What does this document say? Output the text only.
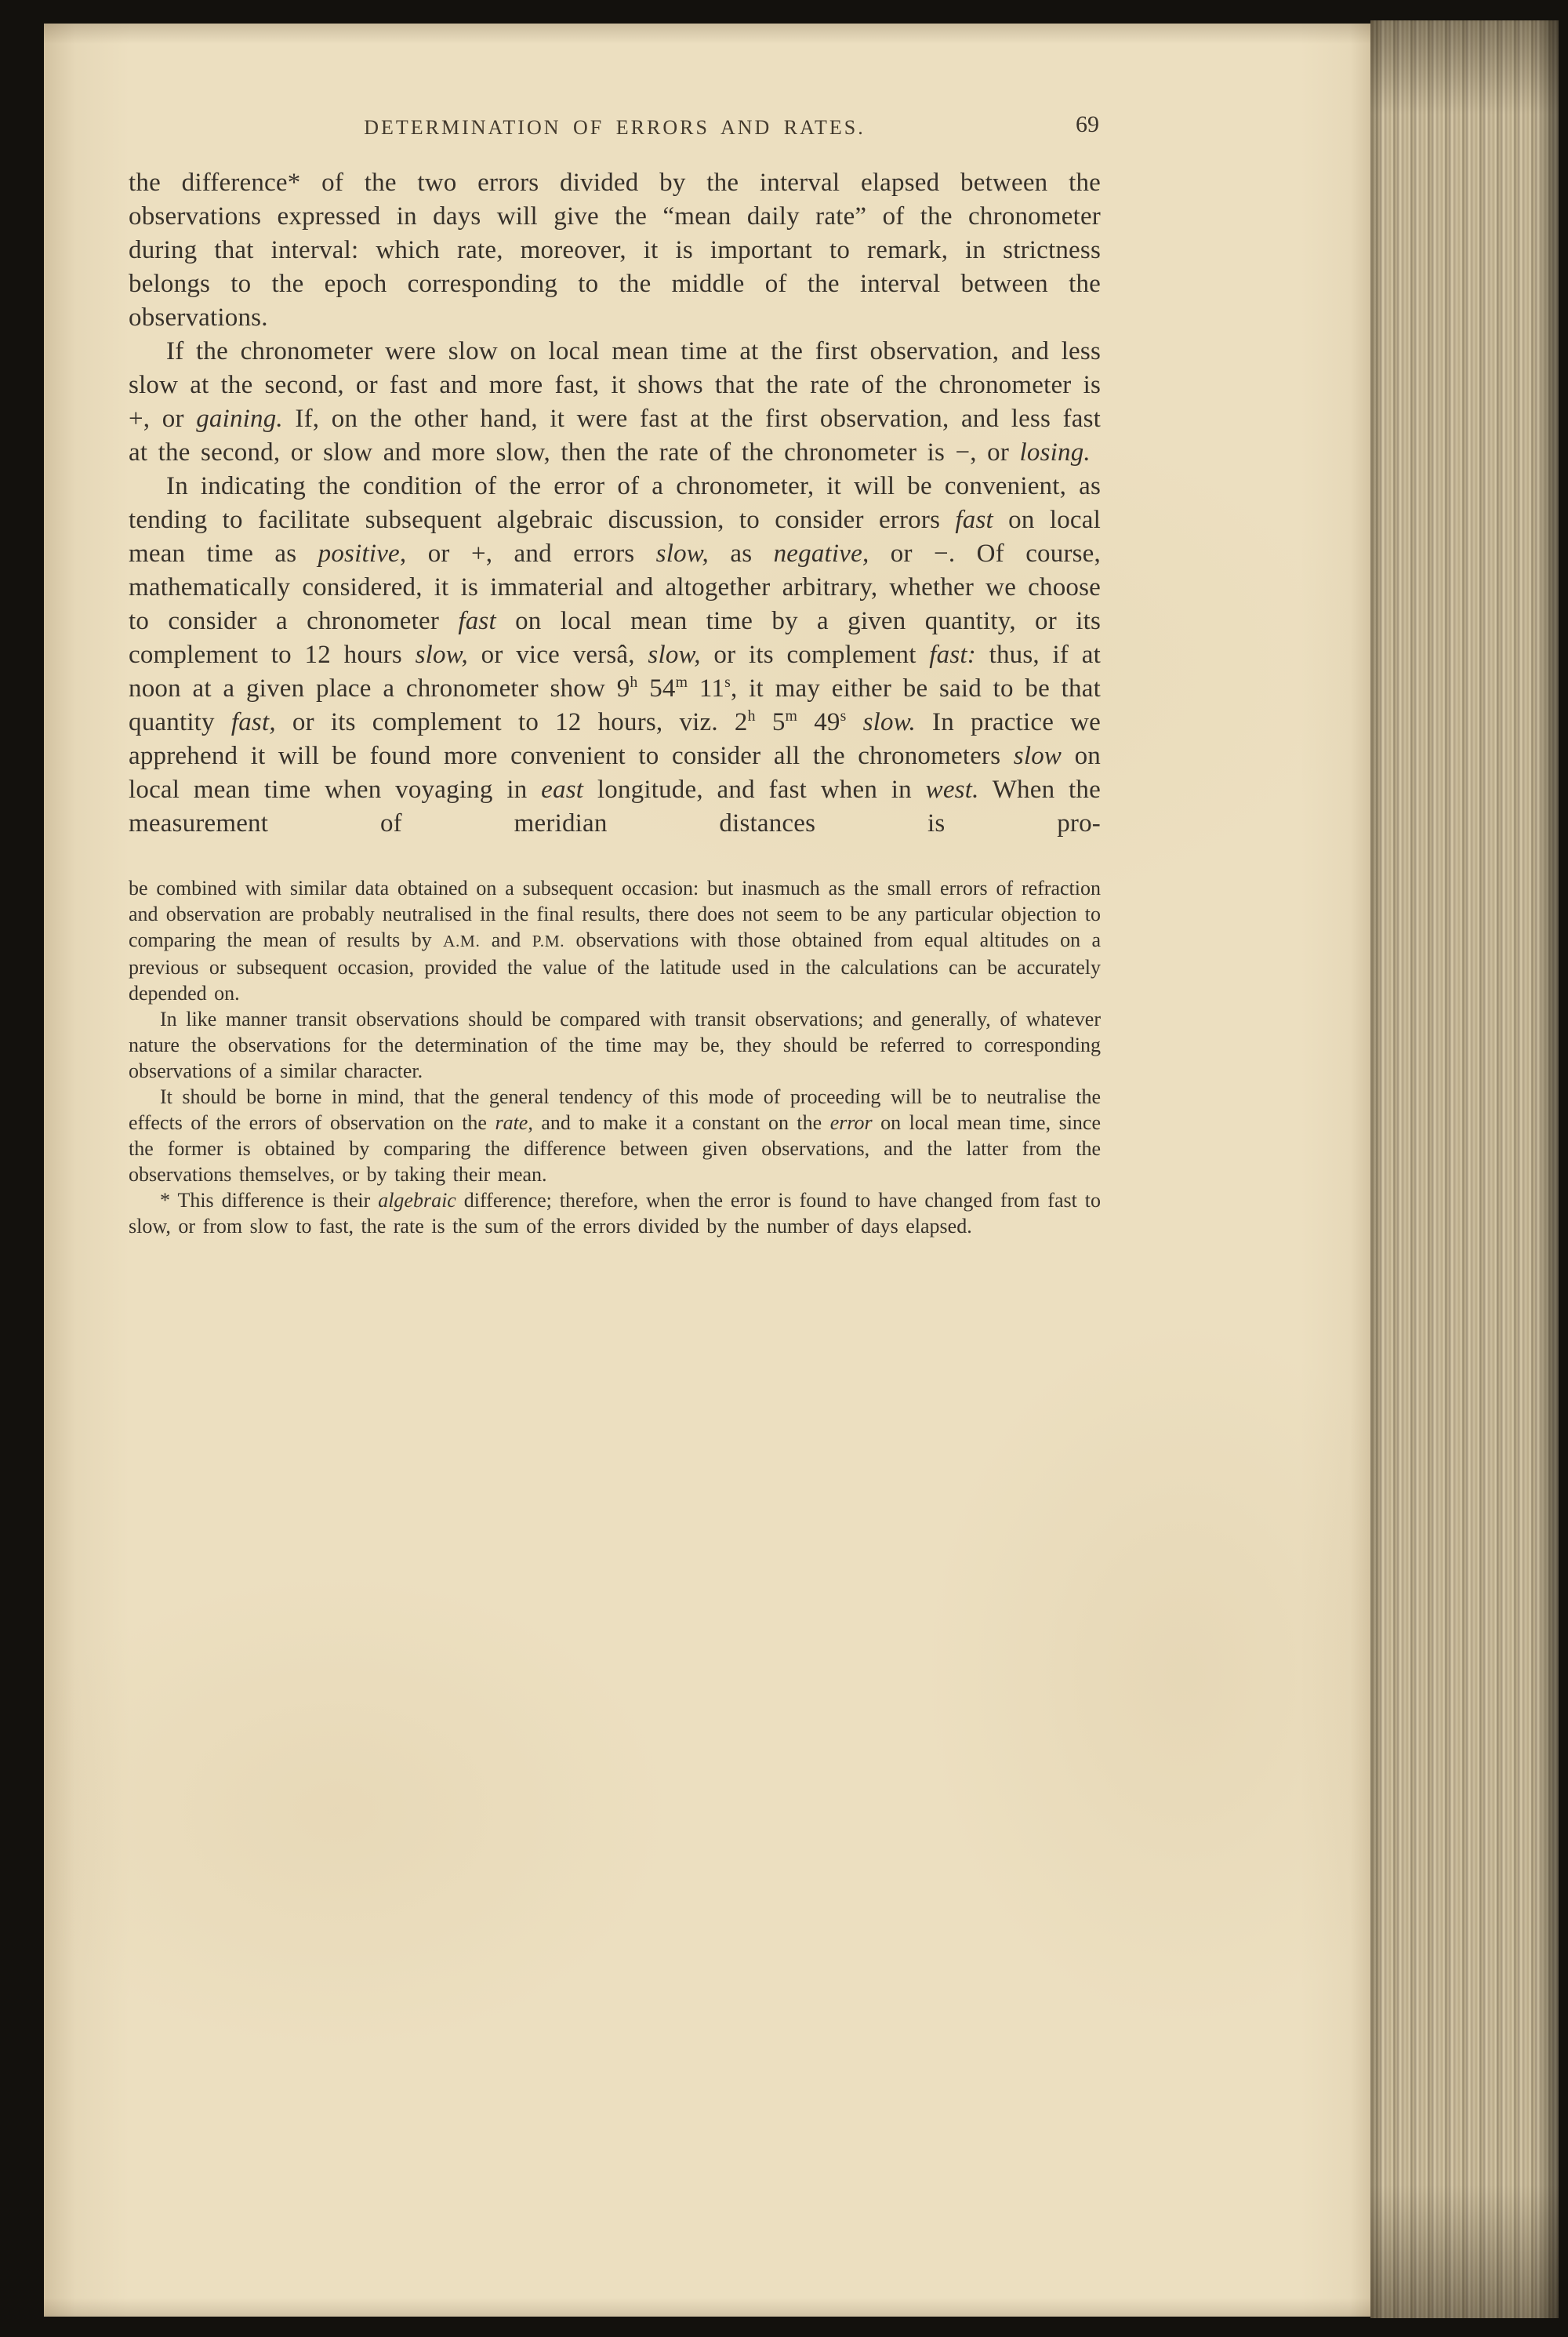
DETERMINATION OF ERRORS AND RATES.	69

the difference* of the two errors divided by the interval elapsed between the observations expressed in days will give the “mean daily rate” of the chronometer during that interval: which rate, moreover, it is important to remark, in strictness belongs to the epoch corresponding to the middle of the interval between the observations.

If the chronometer were slow on local mean time at the first observation, and less slow at the second, or fast and more fast, it shows that the rate of the chronometer is +, or gaining. If, on the other hand, it were fast at the first observation, and less fast at the second, or slow and more slow, then the rate of the chronometer is −, or losing.

In indicating the condition of the error of a chronometer, it will be convenient, as tending to facilitate subsequent algebraic discussion, to consider errors fast on local mean time as positive, or +, and errors slow, as negative, or −. Of course, mathematically considered, it is immaterial and altogether arbitrary, whether we choose to consider a chronometer fast on local mean time by a given quantity, or its complement to 12 hours slow, or vice versâ, slow, or its complement fast: thus, if at noon at a given place a chronometer show 9$^h$ 54$^m$ 11$^s$, it may either be said to be that quantity fast, or its complement to 12 hours, viz. 2$^h$ 5$^m$ 49$^s$ slow. In practice we apprehend it will be found more convenient to consider all the chronometers slow on local mean time when voyaging in east longitude, and fast when in west. When the measurement of meridian distances is pro-

be combined with similar data obtained on a subsequent occasion: but inasmuch as the small errors of refraction and observation are probably neutralised in the final results, there does not seem to be any particular objection to comparing the mean of results by A.M. and P.M. observations with those obtained from equal altitudes on a previous or subsequent occasion, provided the value of the latitude used in the calculations can be accurately depended on.

In like manner transit observations should be compared with transit observations; and generally, of whatever nature the observations for the determination of the time may be, they should be referred to corresponding observations of a similar character.

It should be borne in mind, that the general tendency of this mode of proceeding will be to neutralise the effects of the errors of observation on the rate, and to make it a constant on the error on local mean time, since the former is obtained by comparing the difference between given observations, and the latter from the observations themselves, or by taking their mean.

* This difference is their algebraic difference; therefore, when the error is found to have changed from fast to slow, or from slow to fast, the rate is the sum of the errors divided by the number of days elapsed.
